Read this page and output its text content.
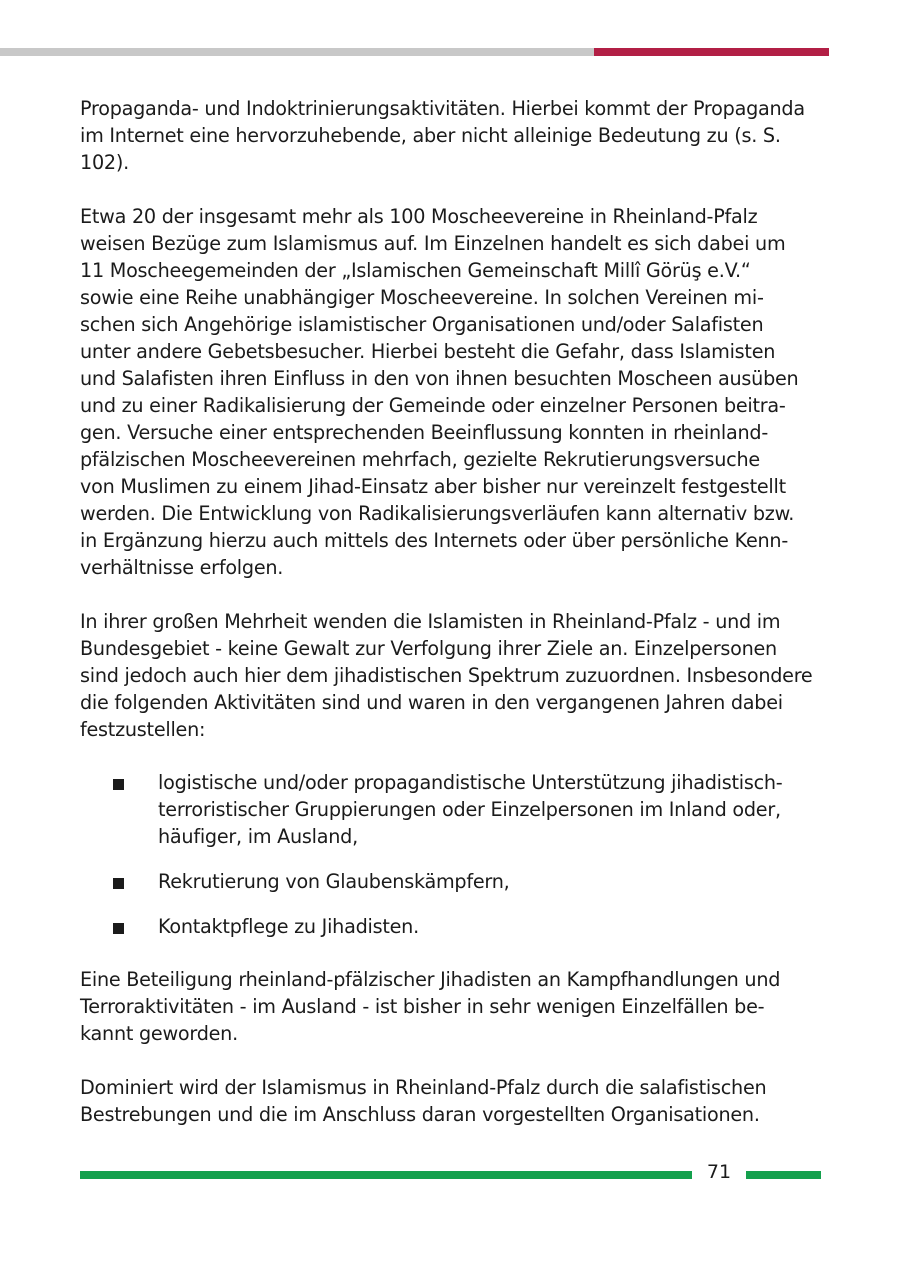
Propaganda- und Indoktrinierungsaktivitäten. Hierbei kommt der Propaganda
im Internet eine hervorzuhebende, aber nicht alleinige Bedeutung zu (s. S.
102).

Etwa 20 der insgesamt mehr als 100 Moscheevereine in Rheinland-Pfalz
weisen Bezüge zum Islamismus auf. Im Einzelnen handelt es sich dabei um
11 Moscheegemeinden der „Islamischen Gemeinschaft Millî Görüş e.V.“
sowie eine Reihe unabhängiger Moscheevereine. In solchen Vereinen mi-
schen sich Angehörige islamistischer Organisationen und/oder Salafisten
unter andere Gebetsbesucher. Hierbei besteht die Gefahr, dass Islamisten
und Salafisten ihren Einfluss in den von ihnen besuchten Moscheen ausüben
und zu einer Radikalisierung der Gemeinde oder einzelner Personen beitra-
gen. Versuche einer entsprechenden Beeinflussung konnten in rheinland-
pfälzischen Moscheevereinen mehrfach, gezielte Rekrutierungsversuche
von Muslimen zu einem Jihad-Einsatz aber bisher nur vereinzelt festgestellt
werden. Die Entwicklung von Radikalisierungsverläufen kann alternativ bzw.
in Ergänzung hierzu auch mittels des Internets oder über persönliche Kenn-
verhältnisse erfolgen.

In ihrer großen Mehrheit wenden die Islamisten in Rheinland-Pfalz - und im
Bundesgebiet - keine Gewalt zur Verfolgung ihrer Ziele an. Einzelpersonen
sind jedoch auch hier dem jihadistischen Spektrum zuzuordnen. Insbesondere
die folgenden Aktivitäten sind und waren in den vergangenen Jahren dabei
festzustellen:

logistische und/oder propagandistische Unterstützung jihadistisch-
terroristischer Gruppierungen oder Einzelpersonen im Inland oder,
häufiger, im Ausland,
Rekrutierung von Glaubenskämpfern,
Kontaktpflege zu Jihadisten.

Eine Beteiligung rheinland-pfälzischer Jihadisten an Kampfhandlungen und
Terroraktivitäten - im Ausland - ist bisher in sehr wenigen Einzelfällen be-
kannt geworden.

Dominiert wird der Islamismus in Rheinland-Pfalz durch die salafistischen
Bestrebungen und die im Anschluss daran vorgestellten Organisationen.

71
